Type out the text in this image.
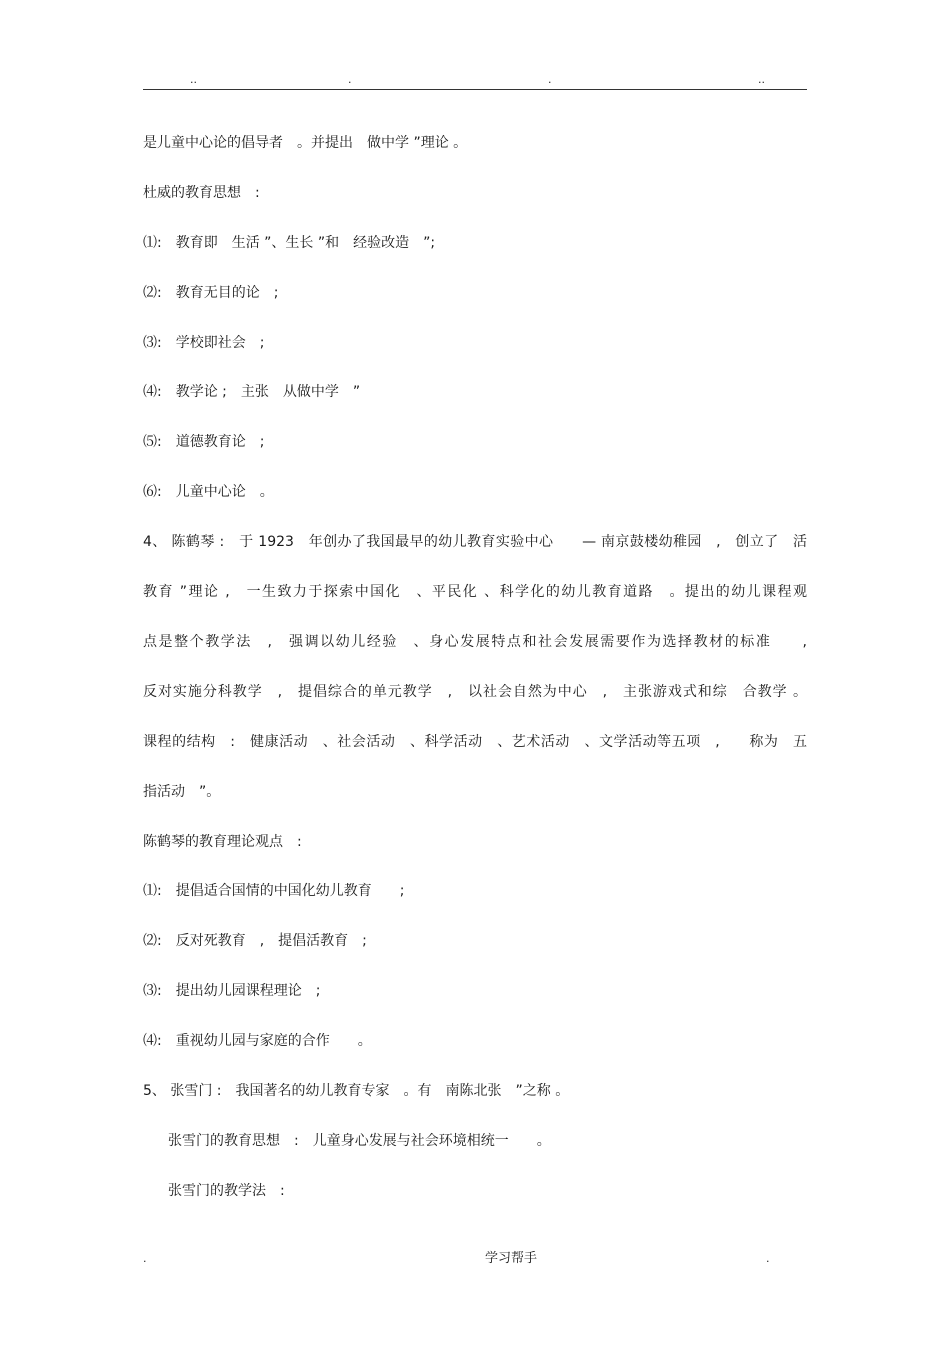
..	.	.	..
是儿童中心论的倡导者　。并提出　做中学 ”理论 。
杜威的教育思想　:
⑴:　教育即　生活 ”、生长 ”和　经验改造　”;
⑵:　教育无目的论　;
⑶:　学校即社会　;
⑷:　教学论 ;　主张　从做中学　”
⑸:　道德教育论　;
⑹:　儿童中心论　。
4、 陈鹤琴 :　于 1923　年创办了我国最早的幼儿教育实验中心　　— 南京鼓楼幼稚园　,　创立了　活
教育 ”理论 ,　一生致力于探索中国化　、平民化 、科学化的幼儿教育道路　。提出的幼儿课程观
点是整个教学法　,　强调以幼儿经验　、身心发展特点和社会发展需要作为选择教材的标准　　,
反对实施分科教学　,　提倡综合的单元教学　,　以社会自然为中心　,　主张游戏式和综　合教学 。
课程的结构　:　健康活动　、社会活动　、科学活动　、艺术活动　、文学活动等五项　,　　称为　五
指活动　”。
陈鹤琴的教育理论观点　:
⑴:　提倡适合国情的中国化幼儿教育　　;
⑵:　反对死教育　,　提倡活教育　;
⑶:　提出幼儿园课程理论　;
⑷:　重视幼儿园与家庭的合作　　。
5、 张雪门 :　我国著名的幼儿教育专家　。有　南陈北张　”之称 。
张雪门的教育思想　:　儿童身心发展与社会环境相统一　　。
张雪门的教学法　:
.	学习帮手	.
